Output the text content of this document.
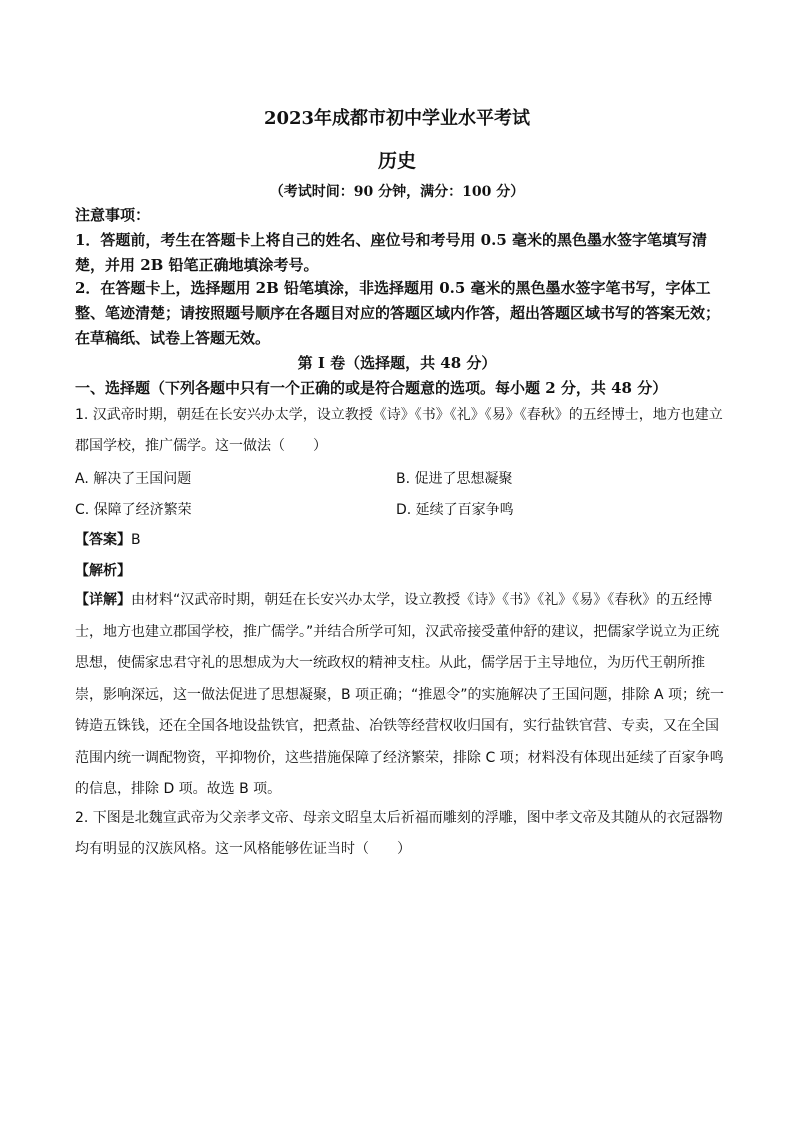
2023年成都市初中学业水平考试
历史
（考试时间：90 分钟，满分：100 分）
注意事项：
1．答题前，考生在答题卡上将自己的姓名、座位号和考号用 0.5 毫米的黑色墨水签字笔填写清楚，并用 2B 铅笔正确地填涂考号。
2．在答题卡上，选择题用 2B 铅笔填涂，非选择题用 0.5 毫米的黑色墨水签字笔书写，字体工整、笔迹清楚；请按照题号顺序在各题目对应的答题区域内作答，超出答题区域书写的答案无效；在草稿纸、试卷上答题无效。
第 I 卷（选择题，共 48 分）
一、选择题（下列各题中只有一个正确的或是符合题意的选项。每小题 2 分，共 48 分）
1. 汉武帝时期，朝廷在长安兴办太学，设立教授《诗》《书》《礼》《易》《春秋》的五经博士，地方也建立郡国学校，推广儒学。这一做法（　　）
A. 解决了王国问题	B. 促进了思想凝聚
C. 保障了经济繁荣	D. 延续了百家争鸣
【答案】B
【解析】
【详解】由材料“汉武帝时期，朝廷在长安兴办太学，设立教授《诗》《书》《礼》《易》《春秋》的五经博士，地方也建立郡国学校，推广儒学。”并结合所学可知，汉武帝接受董仲舒的建议，把儒家学说立为正统思想，使儒家忠君守礼的思想成为大一统政权的精神支柱。从此，儒学居于主导地位，为历代王朝所推崇，影响深远，这一做法促进了思想凝聚，B 项正确；“推恩令”的实施解决了王国问题，排除 A 项；统一铸造五铢钱，还在全国各地设盐铁官，把煮盐、冶铁等经营权收归国有，实行盐铁官营、专卖，又在全国范围内统一调配物资，平抑物价，这些措施保障了经济繁荣，排除 C 项；材料没有体现出延续了百家争鸣的信息，排除 D 项。故选 B 项。
2. 下图是北魏宣武帝为父亲孝文帝、母亲文昭皇太后祈福而雕刻的浮雕，图中孝文帝及其随从的衣冠器物均有明显的汉族风格。这一风格能够佐证当时（　　）
